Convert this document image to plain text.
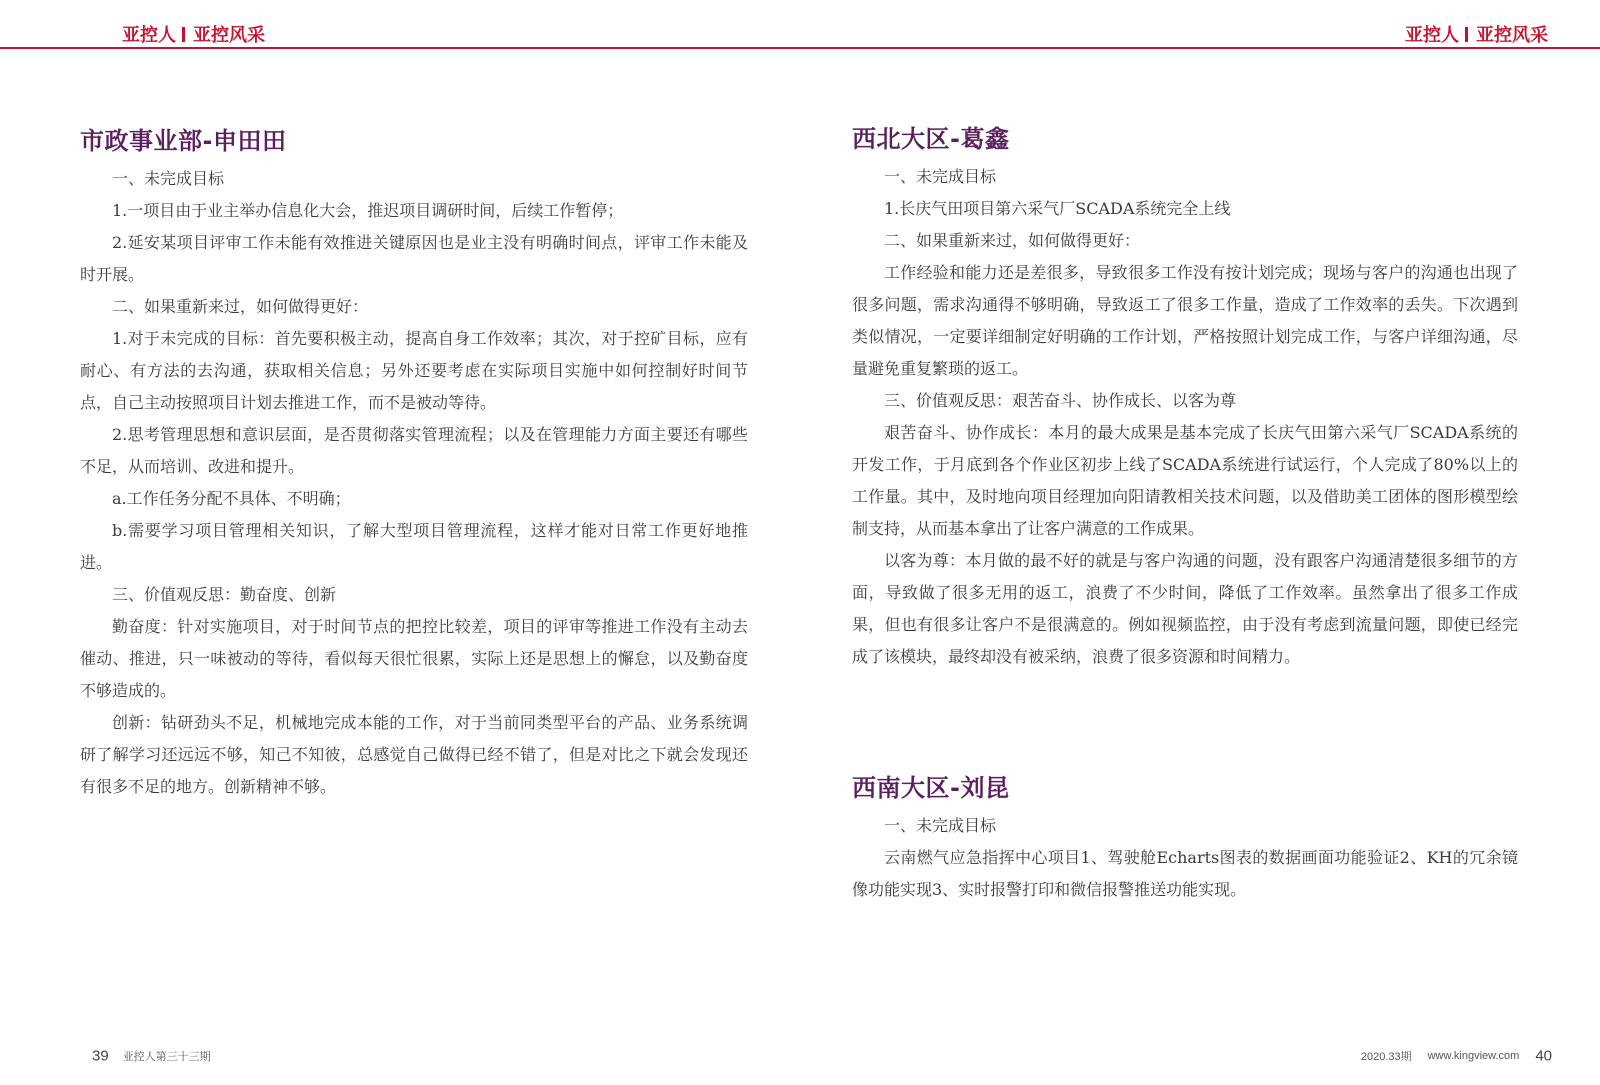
亚控人 亚控风采	亚控人 亚控风采
市政事业部-申田田

一、未完成目标

1.一项目由于业主举办信息化大会，推迟项目调研时间，后续工作暂停；

2.延安某项目评审工作未能有效推进关键原因也是业主没有明确时间点，评审工作未能及时开展。

二、如果重新来过，如何做得更好：

1.对于未完成的目标：首先要积极主动，提高自身工作效率；其次，对于控矿目标，应有耐心、有方法的去沟通，获取相关信息；另外还要考虑在实际项目实施中如何控制好时间节点，自己主动按照项目计划去推进工作，而不是被动等待。

2.思考管理思想和意识层面，是否贯彻落实管理流程；以及在管理能力方面主要还有哪些不足，从而培训、改进和提升。

a.工作任务分配不具体、不明确；

b.需要学习项目管理相关知识，了解大型项目管理流程，这样才能对日常工作更好地推进。

三、价值观反思：勤奋度、创新

勤奋度：针对实施项目，对于时间节点的把控比较差，项目的评审等推进工作没有主动去催动、推进，只一味被动的等待，看似每天很忙很累，实际上还是思想上的懈怠，以及勤奋度不够造成的。

创新：钻研劲头不足，机械地完成本能的工作，对于当前同类型平台的产品、业务系统调研了解学习还远远不够，知己不知彼，总感觉自己做得已经不错了，但是对比之下就会发现还有很多不足的地方。创新精神不够。

39 亚控人第三十三期
西北大区-葛鑫

一、未完成目标

1.长庆气田项目第六采气厂SCADA系统完全上线

二、如果重新来过，如何做得更好：

工作经验和能力还是差很多，导致很多工作没有按计划完成；现场与客户的沟通也出现了很多问题，需求沟通得不够明确，导致返工了很多工作量，造成了工作效率的丢失。下次遇到类似情况，一定要详细制定好明确的工作计划，严格按照计划完成工作，与客户详细沟通，尽量避免重复繁琐的返工。

三、价值观反思：艰苦奋斗、协作成长、以客为尊

艰苦奋斗、协作成长：本月的最大成果是基本完成了长庆气田第六采气厂SCADA系统的开发工作，于月底到各个作业区初步上线了SCADA系统进行试运行，个人完成了80%以上的工作量。其中，及时地向项目经理加向阳请教相关技术问题，以及借助美工团体的图形模型绘制支持，从而基本拿出了让客户满意的工作成果。

以客为尊：本月做的最不好的就是与客户沟通的问题，没有跟客户沟通清楚很多细节的方面，导致做了很多无用的返工，浪费了不少时间，降低了工作效率。虽然拿出了很多工作成果，但也有很多让客户不是很满意的。例如视频监控，由于没有考虑到流量问题，即使已经完成了该模块，最终却没有被采纳，浪费了很多资源和时间精力。

西南大区-刘昆

一、未完成目标

云南燃气应急指挥中心项目1、驾驶舱Echarts图表的数据画面功能验证2、KH的冗余镜像功能实现3、实时报警打印和微信报警推送功能实现。

2020.33期 www.kingview.com 40
